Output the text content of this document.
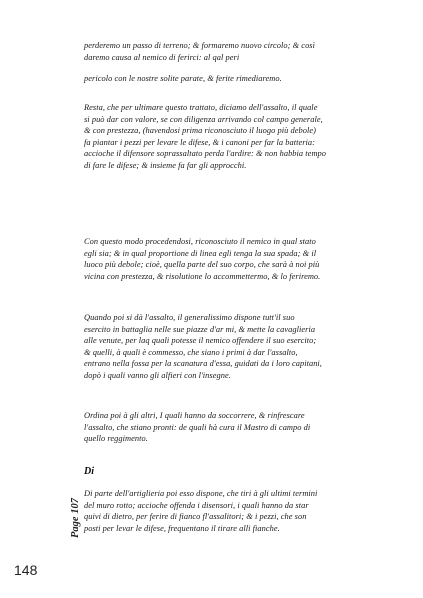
perderemo un passo di terreno; & formaremo nuovo circolo; & così
daremo causa al nemico di ferirci: al qal peri

pericolo con le nostre solite parate, & ferite rimediaremo.

Resta, che per ultimare questo trattato, diciamo dell'assalto, il quale
si può dar con valore, se con diligenza arrivando col campo generale,
& con prestezza, (havendosi prima riconosciuto il luogo più debole)
fa piantar i pezzi per levare le difese, & i canoni per far la batteria:
accioche il difensore soprassaltato perda l'ardire: & non habbia tempo
di fare le difese; & insieme fa far gli approcchi.

Con questo modo procedendosi, riconosciuto il nemico in qual stato
egli sia; & in qual proportione di linea egli tenga la sua spada; & il
luoco più debole; cioè, quella parte del suo corpo, che sarà à noi più
vicina con prestezza, & risolutione lo accommettermo, & lo feriremo.

Quando poi si dà l'assalto, il generalissimo dispone tutt'il suo
esercito in battaglia nelle sue piazze d'ar mi, & mette la cavaglieria
alle venute, per laq quali potesse il nemico offendere il suo esercito;
& quelli, à quali è commesso, che siano i primi à dar l'assalto,
entrano nella fossa per la scanatura d'essa, guidati da i loro capitani,
dopò i quali vanno gli alfieri con l'insegne.

Ordina poi à gli altri, I quali hanno da soccorrere, & rinfrescare
l'assalto, che stiano pronti: de quali hà cura il Mastro di campo di
quello reggimento.

Di

Di parte dell'artiglieria poi esso dispone, che tiri à gli ultimi termini
del muro rotto; accioche offenda i disensori, i quali hanno da star
quivi di dietro, per ferire di fianco fl'assalitori; & i pezzi, che son
posti per levar le difese, frequentano il tirare alli fianche.

Page 107
148
